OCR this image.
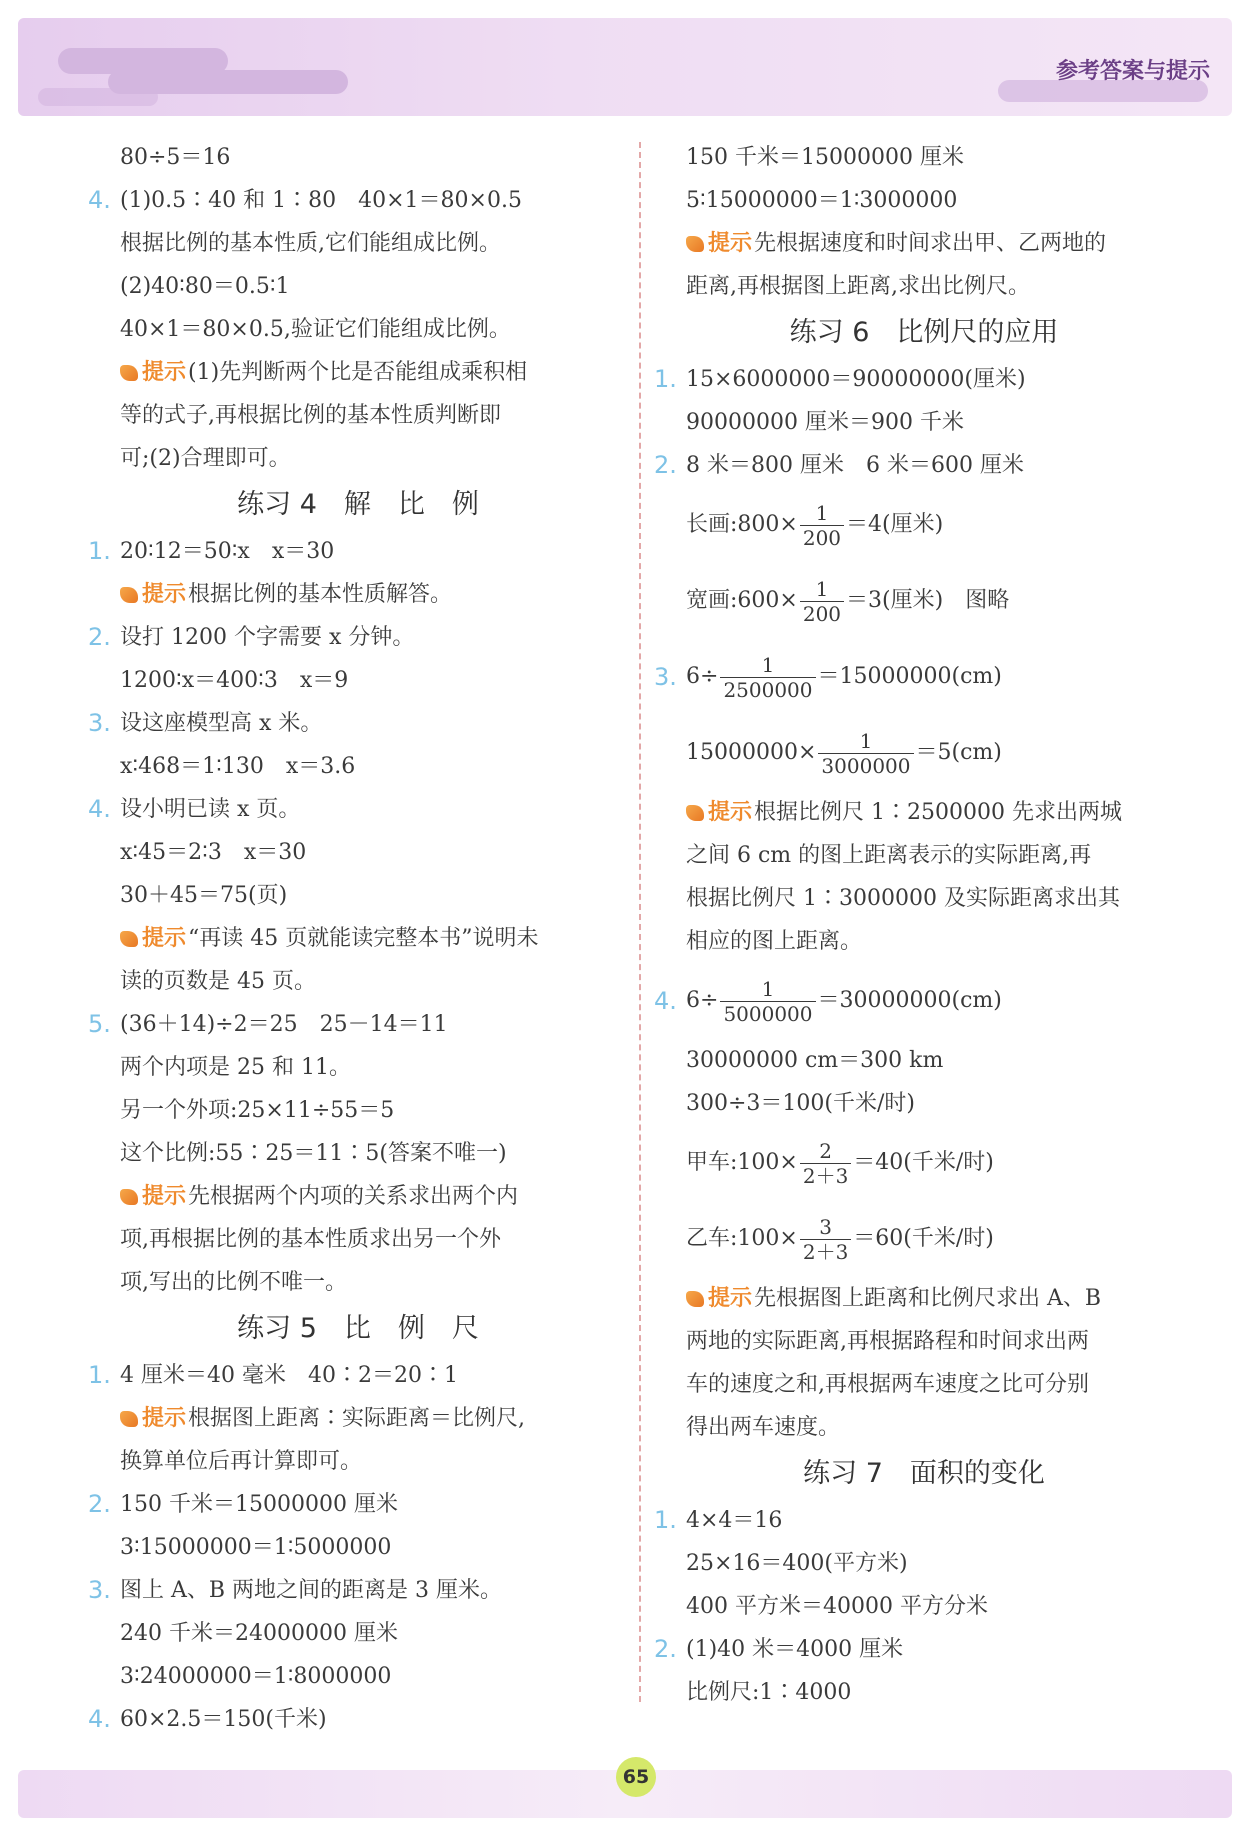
参考答案与提示
80÷5＝16
4. (1)0.5∶40 和 1∶80　40×1＝80×0.5
根据比例的基本性质,它们能组成比例。
(2)40∶80＝0.5∶1
40×1＝80×0.5,验证它们能组成比例。
提示(1)先判断两个比是否能组成乘积相
等的式子,再根据比例的基本性质判断即
可;(2)合理即可。
练习 4　解　比　例
1. 20∶12＝50∶x　x＝30
提示根据比例的基本性质解答。
2. 设打 1200 个字需要 x 分钟。
1200∶x＝400∶3　x＝9
3. 设这座模型高 x 米。
x∶468＝1∶130　x＝3.6
4. 设小明已读 x 页。
x∶45＝2∶3　x＝30
30＋45＝75(页)
提示“再读 45 页就能读完整本书”说明未
读的页数是 45 页。
5. (36＋14)÷2＝25　25－14＝11
两个内项是 25 和 11。
另一个外项:25×11÷55＝5
这个比例:55∶25＝11∶5(答案不唯一)
提示先根据两个内项的关系求出两个内
项,再根据比例的基本性质求出另一个外
项,写出的比例不唯一。
练习 5　比　例　尺
1. 4 厘米＝40 毫米　40∶2＝20∶1
提示根据图上距离∶实际距离＝比例尺,
换算单位后再计算即可。
2. 150 千米＝15000000 厘米
3∶15000000＝1∶5000000
3. 图上 A、B 两地之间的距离是 3 厘米。
240 千米＝24000000 厘米
3∶24000000＝1∶8000000
4. 60×2.5＝150(千米)
150 千米＝15000000 厘米
5∶15000000＝1∶3000000
提示先根据速度和时间求出甲、乙两地的
距离,再根据图上距离,求出比例尺。
练习 6　比例尺的应用
1. 15×6000000＝90000000(厘米)
90000000 厘米＝900 千米
2. 8 米＝800 厘米　6 米＝600 厘米
长画:800× $\frac{1}{200} =4$(厘米)
宽画:600× $\frac{1}{200} =3$(厘米)　图略
3. $6\div \frac{1}{2500000} =15000000(cm)$
$15000000\times \frac{1}{3000000} =5(cm)$
提示根据比例尺 1∶2500000 先求出两城
之间 6 cm 的图上距离表示的实际距离,再
根据比例尺 1∶3000000 及实际距离求出其
相应的图上距离。
4. $6\div \frac{1}{5000000} =30000000(cm)$
30000000 cm＝300 km
300÷3＝100(千米/时)
甲车:100× $\frac{2}{2+3} =40$(千米/时)
乙车:100× $\frac{3}{2+3} =60$(千米/时)
提示先根据图上距离和比例尺求出 A、B
两地的实际距离,再根据路程和时间求出两
车的速度之和,再根据两车速度之比可分别
得出两车速度。
练习 7　面积的变化
1. 4×4＝16
25×16＝400(平方米)
400 平方米＝40000 平方分米
2. (1)40 米＝4000 厘米
比例尺:1∶4000
65
